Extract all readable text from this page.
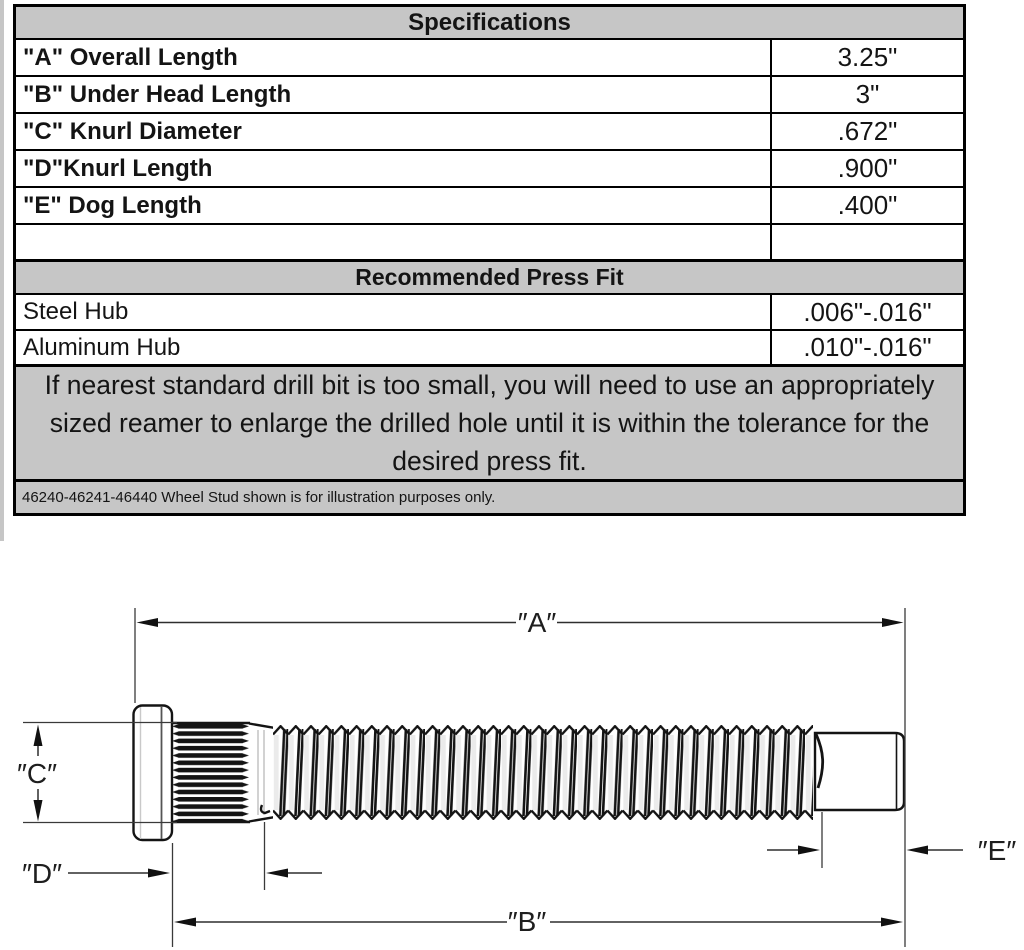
Specifications
"A" Overall Length	3.25"
"B" Under Head Length	3"
"C" Knurl Diameter	.672"
"D"Knurl Length	.900"
"E" Dog Length	.400"
Recommended Press Fit
Steel Hub	.006"-.016"
Aluminum Hub	.010"-.016"
If nearest standard drill bit is too small, you will need to use an appropriately sized reamer to enlarge the drilled hole until it is within the tolerance for the desired press fit.
46240-46241-46440 Wheel Stud shown is for illustration purposes only.
″A″
″B″
″C″
″D″
″E″
